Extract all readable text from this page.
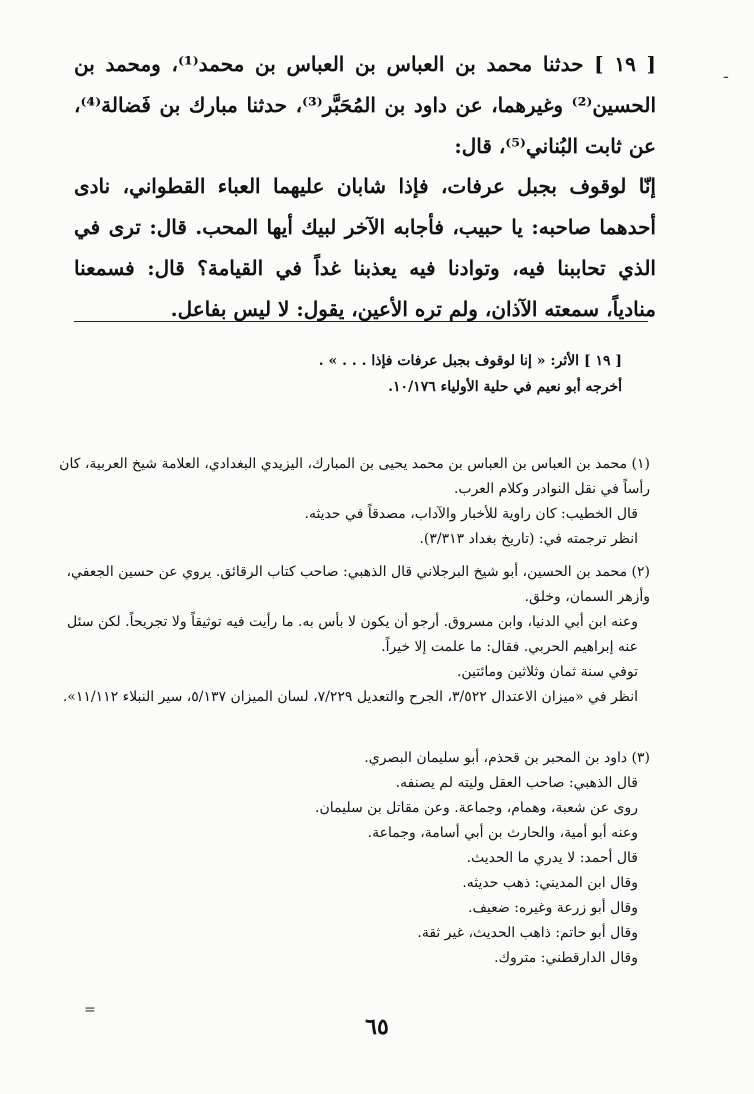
[ ١٩ ] حدثنا محمد بن العباس بن العباس بن محمد⁽¹⁾، ومحمد بن الحسين⁽²⁾ وغيرهما، عن داود بن المُحَبَّر⁽³⁾، حدثنا مبارك بن فَضالة⁽⁴⁾، عن ثابت البُناني⁽⁵⁾، قال:

إنّا لوقوف بجبل عرفات، فإذا شابان عليهما العباء القطواني، نادى أحدهما صاحبه: يا حبيب، فأجابه الآخر لبيك أيها المحب. قال: ترى في الذي تحاببنا فيه، وتوادنا فيه يعذبنا غداً في القيامة؟ قال: فسمعنا منادياً، سمعته الآذان، ولم تره الأعين، يقول: لا ليس بفاعل.

[ ١٩ ] الأثر: « إنا لوقوف بجبل عرفات فإذا . . . » .

أخرجه أبو نعيم في حلية الأولياء ١٠/١٧٦.

(١) محمد بن العباس بن العباس بن محمد يحيى بن المبارك، اليزيدي البغدادي، العلامة شيخ العربية، كان رأساً في نقل النوادر وكلام العرب.

قال الخطيب: كان راوية للأخبار والآداب، مصدقاً في حديثه.

انظر ترجمته في: (تاريخ بغداد ٣/٣١٣).

(٢) محمد بن الحسين، أبو شيخ البرجلاني قال الذهبي: صاحب كتاب الرقائق. يروي عن حسين الجعفي، وأزهر السمان، وخلق.

وعنه ابن أبي الدنيا، وابن مسروق. أرجو أن يكون لا بأس به. ما رأيت فيه توثيقاً ولا تجريحاً. لكن سئل عنه إبراهيم الحربي. فقال: ما علمت إلا خيراً.

توفي سنة ثمان وثلاثين ومائتين.

انظر في «ميزان الاعتدال ٣/٥٢٢، الجرح والتعديل ٧/٢٢٩، لسان الميزان ٥/١٣٧، سير النبلاء ١١/١١٢».

(٣) داود بن المحبر بن قحذم، أبو سليمان البصري.

قال الذهبي: صاحب العقل وليته لم يصنفه.

روى عن شعبة، وهمام، وجماعة. وعن مقاتل بن سليمان.

وعنه أبو أمية، والحارث بن أبي أسامة، وجماعة.

قال أحمد: لا يدري ما الحديث.

وقال ابن المديني: ذهب حديثه.

وقال أبو زرعة وغيره: ضعيف.

وقال أبو حاتم: ذاهب الحديث، غير ثقة.

وقال الدارقطني: متروك.

ـ
=
٦٥
